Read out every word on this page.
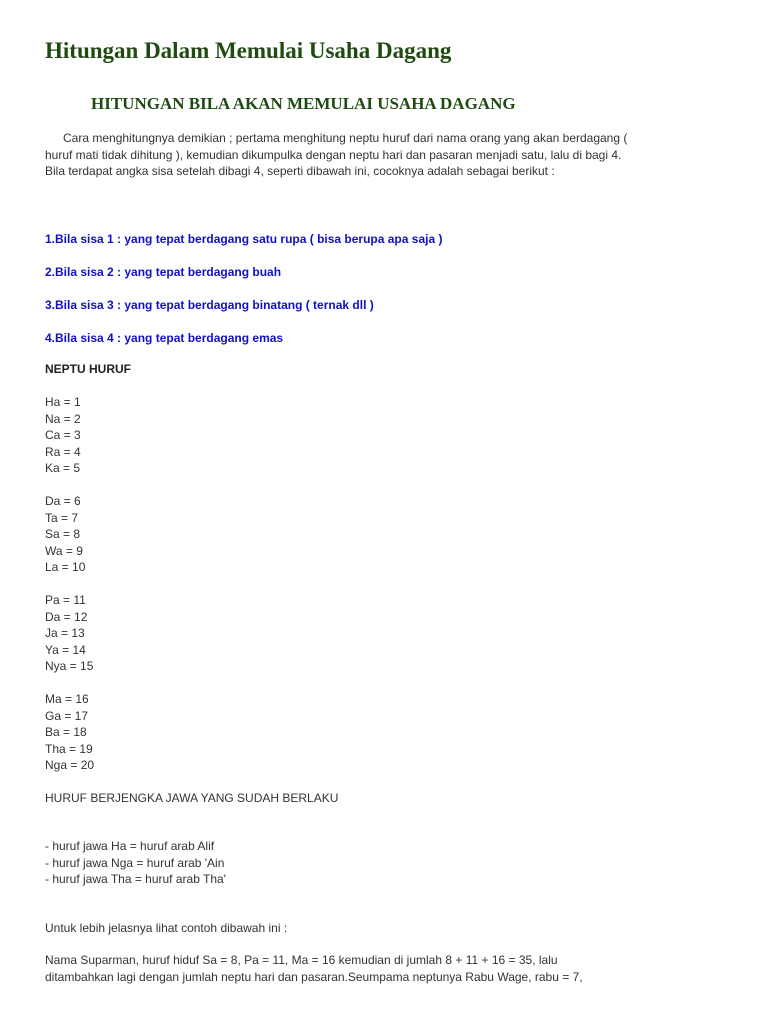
Hitungan Dalam Memulai Usaha Dagang
HITUNGAN BILA AKAN MEMULAI USAHA DAGANG

Cara menghitungnya demikian ; pertama menghitung neptu huruf dari nama orang yang akan berdagang ( huruf mati tidak dihitung ), kemudian dikumpulka dengan neptu hari dan pasaran menjadi satu, lalu di bagi 4. Bila terdapat angka sisa setelah dibagi 4, seperti dibawah ini, cocoknya adalah sebagai berikut :

1.Bila sisa 1 : yang tepat berdagang satu rupa ( bisa berupa apa saja )
2.Bila sisa 2 : yang tepat berdagang buah
3.Bila sisa 3 : yang tepat berdagang binatang ( ternak dll )
4.Bila sisa 4 : yang tepat berdagang emas
NEPTU HURUF
Ha = 1
Na = 2
Ca = 3
Ra = 4
Ka = 5
Da = 6
Ta = 7
Sa = 8
Wa = 9
La = 10
Pa = 11
Da = 12
Ja = 13
Ya = 14
Nya = 15
Ma = 16
Ga = 17
Ba = 18
Tha = 19
Nga = 20
HURUF BERJENGKA JAWA YANG SUDAH BERLAKU
- huruf jawa Ha = huruf arab Alif
- huruf jawa Nga = huruf arab 'Ain
- huruf jawa Tha = huruf arab Tha'
Untuk lebih jelasnya lihat contoh dibawah ini :

Nama Suparman, huruf hiduf Sa = 8, Pa = 11, Ma = 16 kemudian di jumlah 8 + 11 + 16 = 35, lalu ditambahkan lagi dengan jumlah neptu hari dan pasaran.Seumpama neptunya Rabu Wage, rabu = 7,
